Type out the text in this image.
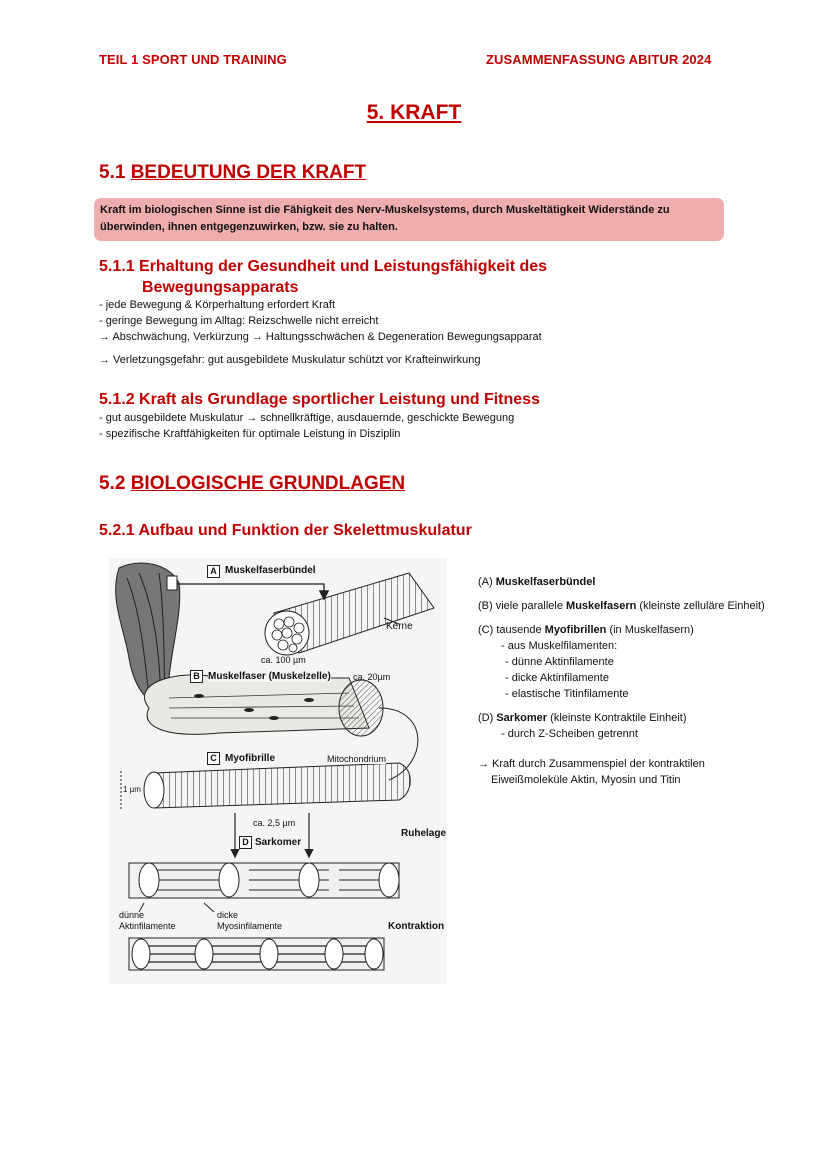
TEIL 1 SPORT UND TRAINING	ZUSAMMENFASSUNG ABITUR 2024
5. KRAFT
5.1 BEDEUTUNG DER KRAFT
Kraft im biologischen Sinne ist die Fähigkeit des Nerv-Muskelsystems, durch Muskeltätigkeit Widerstände zu überwinden, ihnen entgegenzuwirken, bzw. sie zu halten.
5.1.1 Erhaltung der Gesundheit und Leistungsfähigkeit des
Bewegungsapparats
- jede Bewegung & Körperhaltung erfordert Kraft
- geringe Bewegung im Alltag: Reizschwelle nicht erreicht
→ Abschwächung, Verkürzung → Haltungsschwächen & Degeneration Bewegungsapparat
→ Verletzungsgefahr: gut ausgebildete Muskulatur schützt vor Krafteinwirkung
5.1.2 Kraft als Grundlage sportlicher Leistung und Fitness
- gut ausgebildete Muskulatur → schnellkräftige, ausdauernde, geschickte Bewegung
- spezifische Kraftfähigkeiten für optimale Leistung in Disziplin
5.2 BIOLOGISCHE GRUNDLAGEN
5.2.1 Aufbau und Funktion der Skelettmuskulatur
A Muskelfaserbündel
Kerne
ca. 100 µm
B Muskelfaser (Muskelzelle) ca. 20µm
C Myofibrille	Mitochondrium
1 µm
ca. 2,5 µm
D Sarkomer
Ruhelage
dünne
Aktinfilamente
dicke
Myosinfilamente	Kontraktion
(A) Muskelfaserbündel
(B) viele parallele Muskelfasern (kleinste zelluläre Einheit)
(C) tausende Myofibrillen (in Muskelfasern)
- aus Muskelfilamenten:
- dünne Aktinfilamente
- dicke Aktinfilamente
- elastische Titinfilamente
(D) Sarkomer (kleinste Kontraktile Einheit)
- durch Z-Scheiben getrennt
→ Kraft durch Zusammenspiel der kontraktilen
Eiweißmoleküle Aktin, Myosin und Titin
